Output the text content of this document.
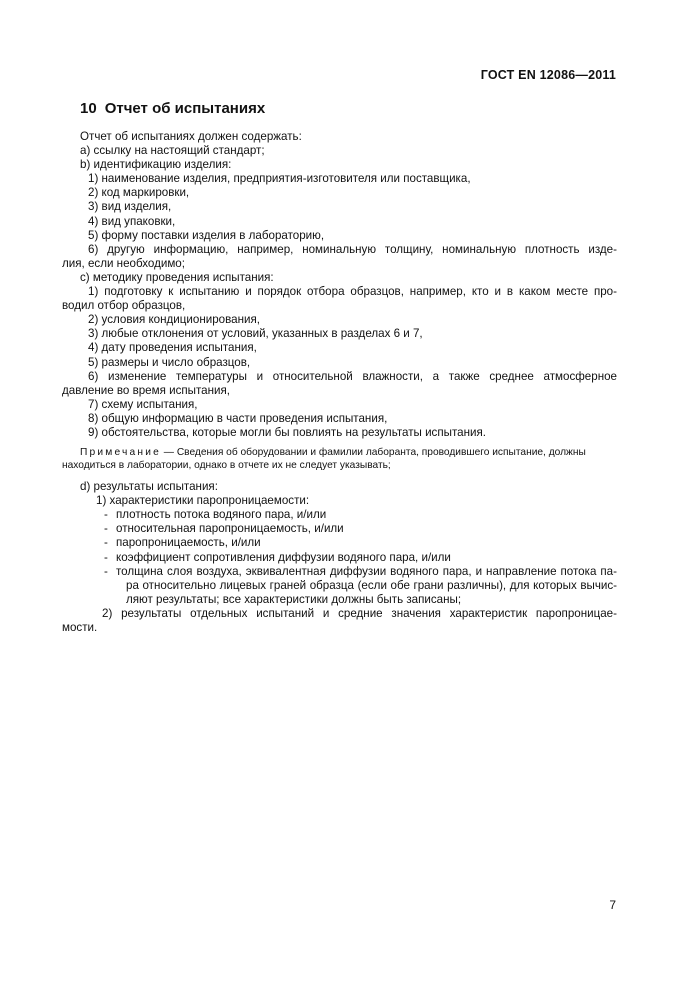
ГОСТ EN 12086—2011
10 Отчет об испытаниях
Отчет об испытаниях должен содержать:
a) ссылку на настоящий стандарт;
b) идентификацию изделия:
1) наименование изделия, предприятия-изготовителя или поставщика,
2) код маркировки,
3) вид изделия,
4) вид упаковки,
5) форму поставки изделия в лабораторию,
6) другую информацию, например, номинальную толщину, номинальную плотность изде-
лия, если необходимо;
c) методику проведения испытания:
1) подготовку к испытанию и порядок отбора образцов, например, кто и в каком месте про-
водил отбор образцов,
2) условия кондиционирования,
3) любые отклонения от условий, указанных в разделах 6 и 7,
4) дату проведения испытания,
5) размеры и число образцов,
6) изменение температуры и относительной влажности, а также среднее атмосферное
давление во время испытания,
7) схему испытания,
8) общую информацию в части проведения испытания,
9) обстоятельства, которые могли бы повлиять на результаты испытания.
Примечание — Сведения об оборудовании и фамилии лаборанта, проводившего испытание, должны
находиться в лаборатории, однако в отчете их не следует указывать;
d) результаты испытания:
1) характеристики паропроницаемости:
- плотность потока водяного пара, и/или
- относительная паропроницаемость, и/или
- паропроницаемость, и/или
- коэффициент сопротивления диффузии водяного пара, и/или
- толщина слоя воздуха, эквивалентная диффузии водяного пара, и направление потока па-
ра относительно лицевых граней образца (если обе грани различны), для которых вычис-
ляют результаты; все характеристики должны быть записаны;
2) результаты отдельных испытаний и средние значения характеристик паропроницае-
мости.
7
